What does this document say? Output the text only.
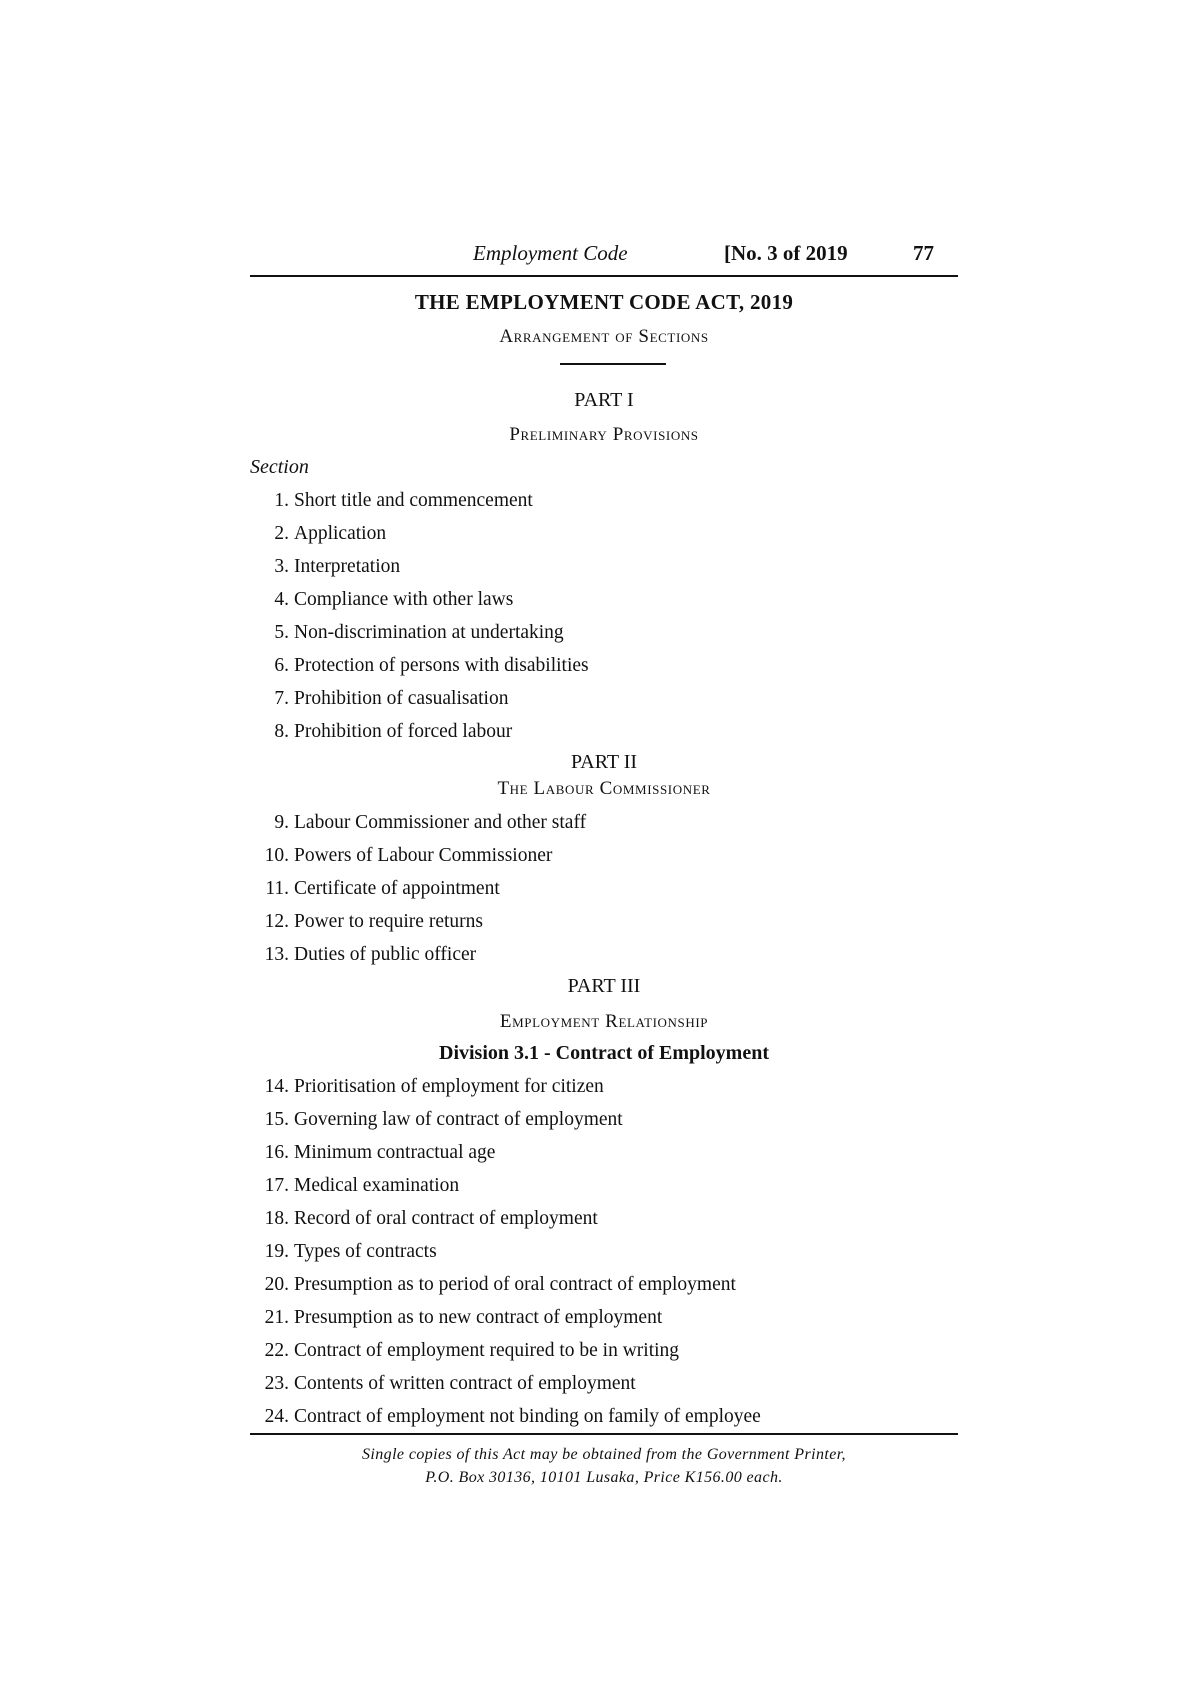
Employment Code	[No. 3 of 2019	77
THE EMPLOYMENT CODE ACT, 2019
Arrangement of Sections
PART I
Preliminary Provisions
Section
1. Short title and commencement
2. Application
3. Interpretation
4. Compliance with other laws
5. Non-discrimination at undertaking
6. Protection of persons with disabilities
7. Prohibition of casualisation
8. Prohibition of forced labour
PART II
The Labour Commissioner
9. Labour Commissioner and other staff
10. Powers of Labour Commissioner
11. Certificate of appointment
12. Power to require returns
13. Duties of public officer
PART III
Employment Relationship
Division 3.1 - Contract of Employment
14. Prioritisation of employment for citizen
15. Governing law of contract of employment
16. Minimum contractual age
17. Medical examination
18. Record of oral contract of employment
19. Types of contracts
20. Presumption as to period of oral contract of employment
21. Presumption as to new contract of employment
22. Contract of employment required to be in writing
23. Contents of written contract of employment
24. Contract of employment not binding on family of employee
Single copies of this Act may be obtained from the Government Printer,
P.O. Box 30136, 10101 Lusaka, Price K156.00 each.
